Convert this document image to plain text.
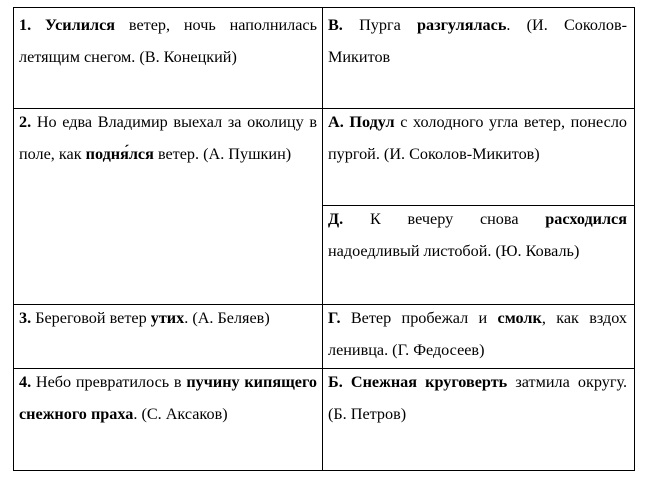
1. Усилился ветер, ночь наполнилась летящим снегом. (В. Конецкий)

В. Пурга разгулялась. (И. Соколов-Микитов

2. Но едва Владимир выехал за околицу в поле, как подня́лся ветер. (А. Пушкин)

А. Подул с холодного угла ветер, понесло пургой. (И. Соколов-Микитов)

Д. К вечеру снова расходился надоедливый листобой. (Ю. Коваль)

3. Береговой ветер утих. (А. Беляев)	Г. Ветер пробежал и смолк, как вздох ленивца. (Г. Федосеев)

4. Небо превратилось в пучину кипящего снежного праха. (С. Аксаков)

Б. Снежная круговерть затмила округу. (Б. Петров)
